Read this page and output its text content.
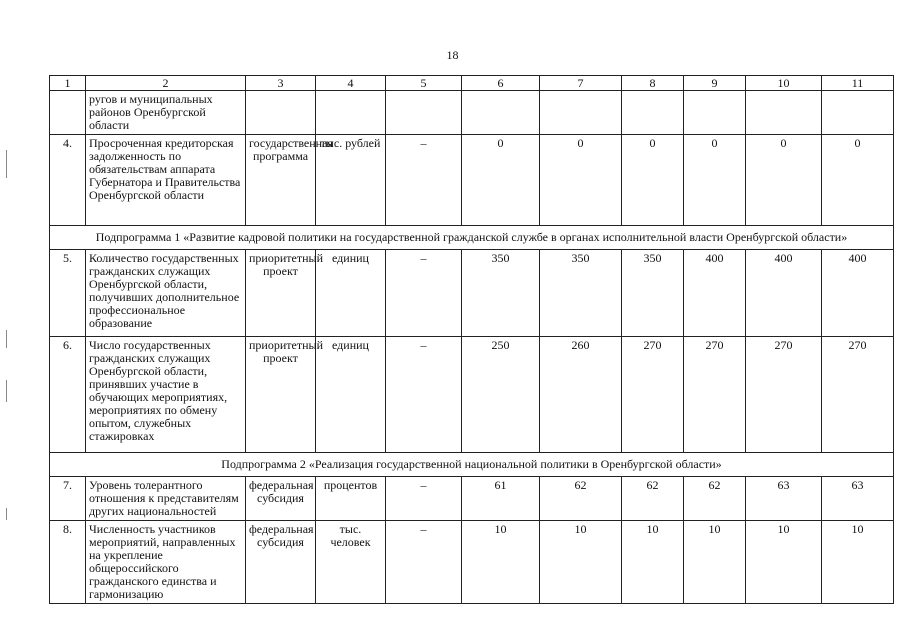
18
1	2	3	4	5	6	7	8	9	10	11
	ругов и муниципальных районов Оренбургской области									
4.	Просроченная кредиторская задолженность по обязательствам аппарата Губернатора и Правительства Оренбургской области	государственная программа	тыс. рублей	–	0	0	0	0	0	0
Подпрограмма 1 «Развитие кадровой политики на государственной гражданской службе в органах исполнительной власти Оренбургской области»										
5.	Количество государственных гражданских служащих Оренбургской области, получивших дополнительное профессиональное образование	приоритетный проект	единиц	–	350	350	350	400	400	400
6.	Число государственных гражданских служащих Оренбургской области, принявших участие в обучающих мероприятиях, мероприятиях по обмену опытом, служебных стажировках	приоритетный проект	единиц	–	250	260	270	270	270	270
Подпрограмма 2 «Реализация государственной национальной политики в Оренбургской области»										
7.	Уровень толерантного отношения к представителям других национальностей	федеральная субсидия	процентов	–	61	62	62	62	63	63
8.	Численность участников мероприятий, направленных на укрепление общероссийского гражданского единства и гармонизацию	федеральная субсидия	тыс. человек	–	10	10	10	10	10	10
